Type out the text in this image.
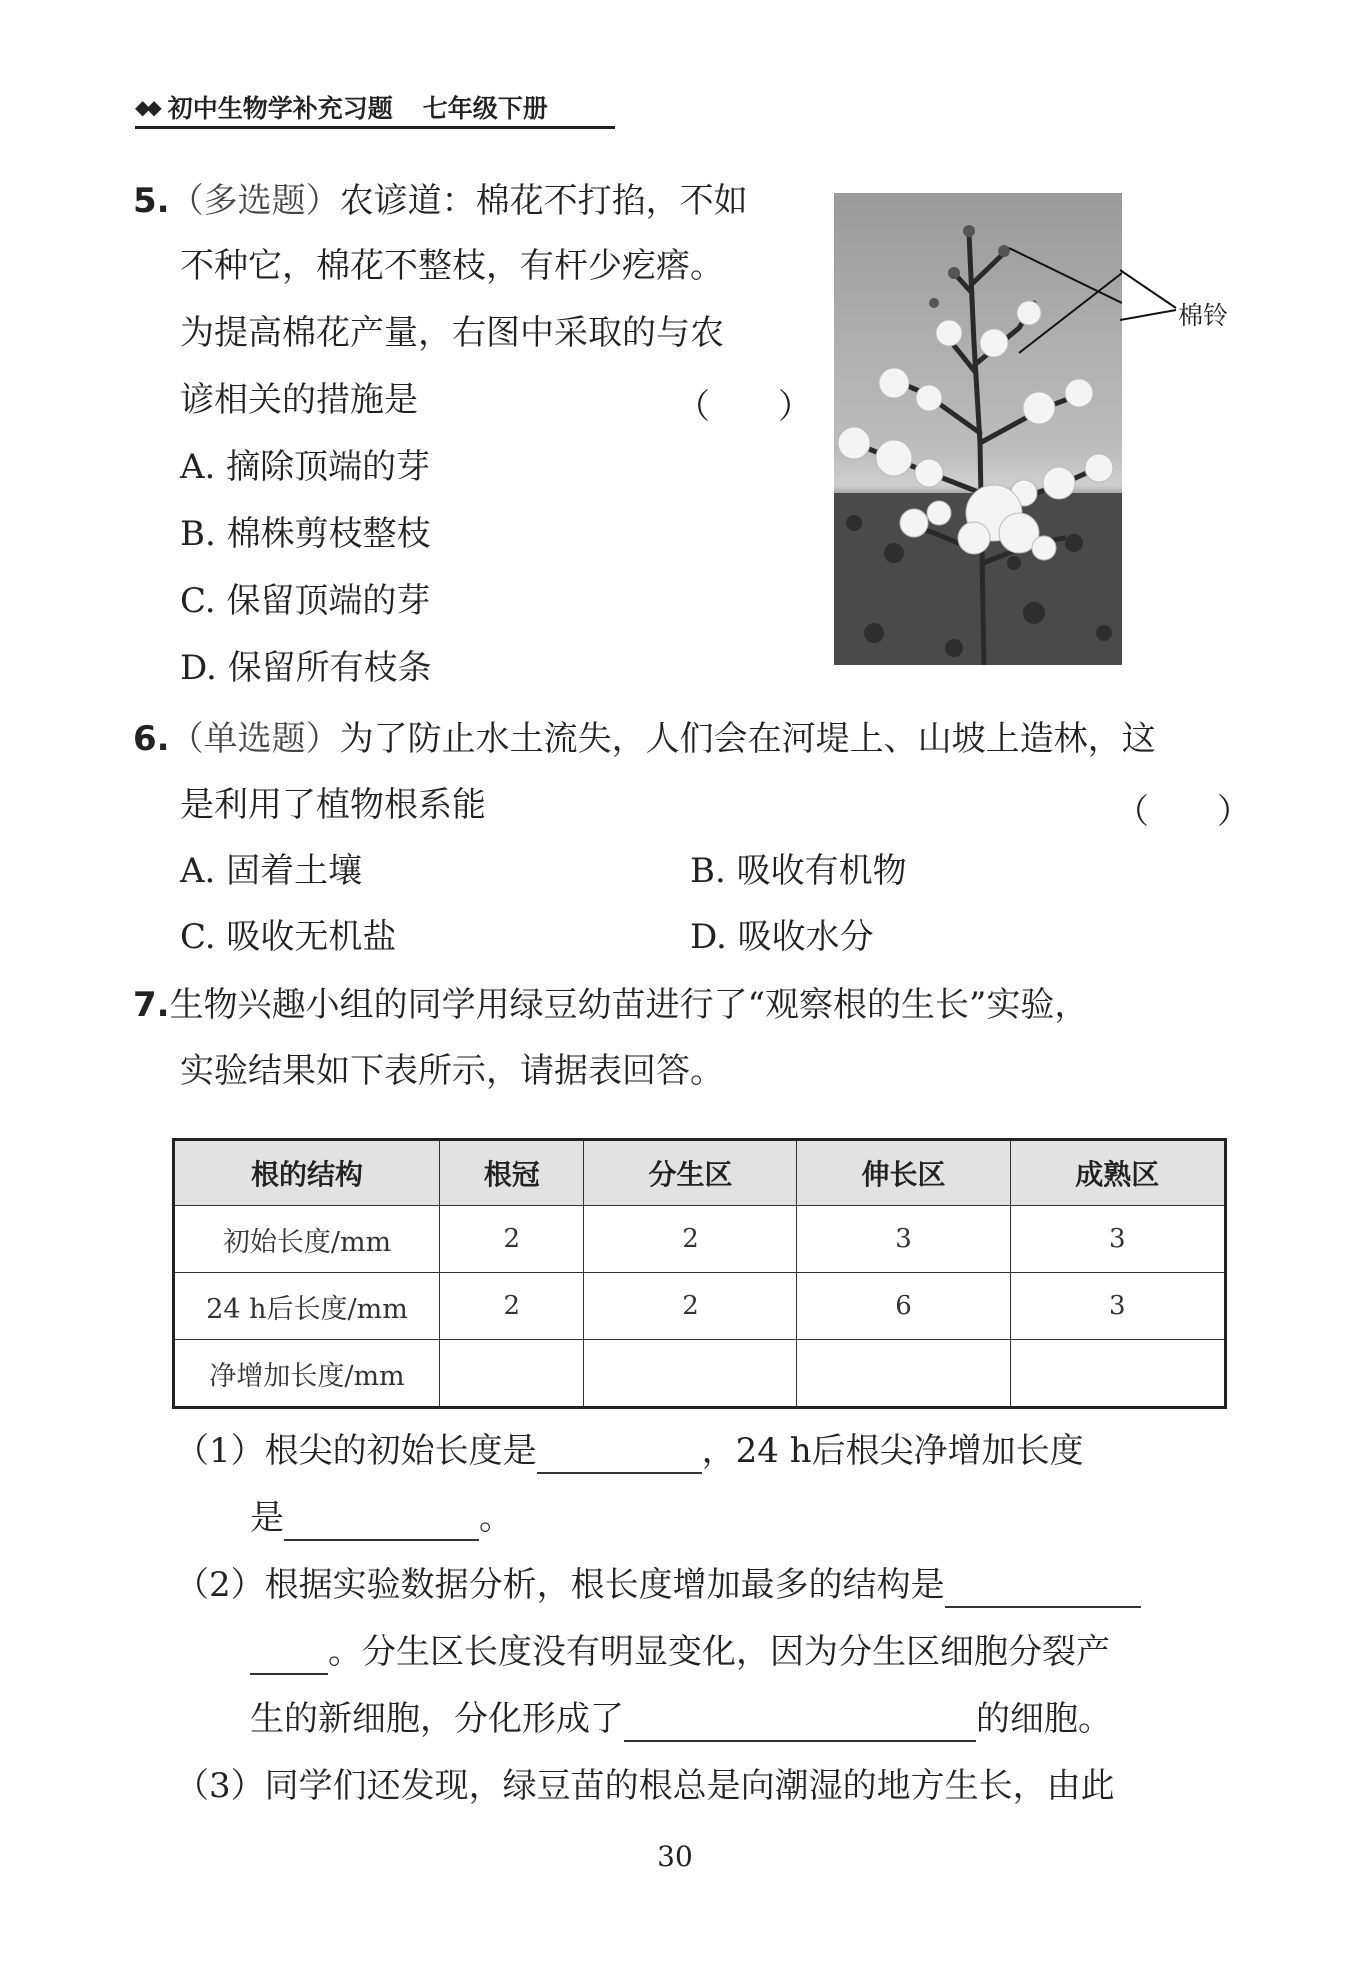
◆◆ 初中生物学补充习题 七年级下册
5.（多选题）农谚道：棉花不打掐，不如
不种它，棉花不整枝，有杆少疙瘩。
为提高棉花产量，右图中采取的与农
谚相关的措施是	（　　）
A. 摘除顶端的芽
B. 棉株剪枝整枝
C. 保留顶端的芽
D. 保留所有枝条
棉铃
6.（单选题）为了防止水土流失，人们会在河堤上、山坡上造林，这
是利用了植物根系能	（　　）
A. 固着土壤	B. 吸收有机物
C. 吸收无机盐	D. 吸收水分
7.生物兴趣小组的同学用绿豆幼苗进行了“观察根的生长”实验，
实验结果如下表所示，请据表回答。
根的结构	根冠	分生区	伸长区	成熟区
初始长度/mm	2	2	3	3
24 h后长度/mm	2	2	6	3
净增加长度/mm				
（1）根尖的初始长度是	，24 h后根尖净增加长度
是	。
（2）根据实验数据分析，根长度增加最多的结构是
。分生区长度没有明显变化，因为分生区细胞分裂产
生的新细胞，分化形成了	的细胞。
（3）同学们还发现，绿豆苗的根总是向潮湿的地方生长，由此
30
